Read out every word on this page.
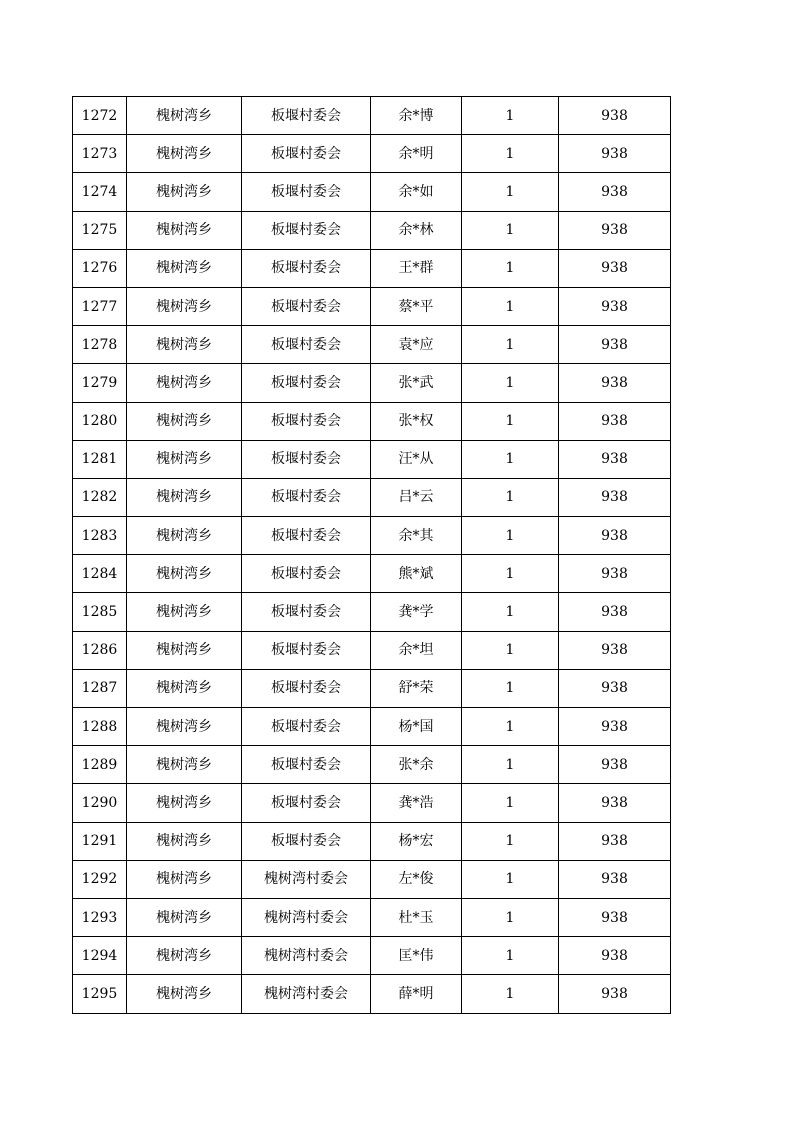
1272	槐树湾乡	板堰村委会	余*博	1	938
1273	槐树湾乡	板堰村委会	余*明	1	938
1274	槐树湾乡	板堰村委会	余*如	1	938
1275	槐树湾乡	板堰村委会	余*林	1	938
1276	槐树湾乡	板堰村委会	王*群	1	938
1277	槐树湾乡	板堰村委会	蔡*平	1	938
1278	槐树湾乡	板堰村委会	袁*应	1	938
1279	槐树湾乡	板堰村委会	张*武	1	938
1280	槐树湾乡	板堰村委会	张*权	1	938
1281	槐树湾乡	板堰村委会	汪*从	1	938
1282	槐树湾乡	板堰村委会	吕*云	1	938
1283	槐树湾乡	板堰村委会	余*其	1	938
1284	槐树湾乡	板堰村委会	熊*斌	1	938
1285	槐树湾乡	板堰村委会	龚*学	1	938
1286	槐树湾乡	板堰村委会	余*坦	1	938
1287	槐树湾乡	板堰村委会	舒*荣	1	938
1288	槐树湾乡	板堰村委会	杨*国	1	938
1289	槐树湾乡	板堰村委会	张*余	1	938
1290	槐树湾乡	板堰村委会	龚*浩	1	938
1291	槐树湾乡	板堰村委会	杨*宏	1	938
1292	槐树湾乡	槐树湾村委会	左*俊	1	938
1293	槐树湾乡	槐树湾村委会	杜*玉	1	938
1294	槐树湾乡	槐树湾村委会	匡*伟	1	938
1295	槐树湾乡	槐树湾村委会	薛*明	1	938
